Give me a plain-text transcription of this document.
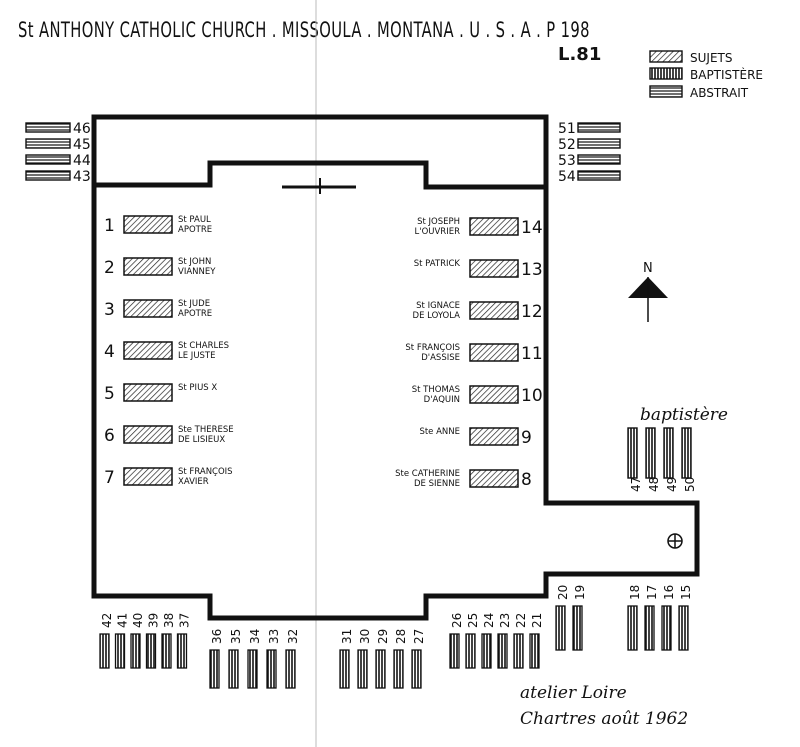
St ANTHONY CATHOLIC CHURCH . MISSOULA . MONTANA . U . S . A . P 198
L.81	SUJETS
BAPTISTÈRE
ABSTRAIT
N
baptistère
1	St PAUL
APOTRE
2	St JOHN
VIANNEY
3	St JUDE
APOTRE
4	St CHARLES
LE JUSTE
5	St PIUS X
6	Ste THERESE
DE LISIEUX
7	St FRANÇOIS
XAVIER
14
St JOSEPH
L'OUVRIER
13
St PATRICK
12
St IGNACE
DE LOYOLA
11
St FRANÇOIS
D'ASSISE
10
St THOMAS
D'AQUIN
9
Ste ANNE
8
Ste CATHERINE
DE SIENNE
46
45
44
43
51
52
53
54
47 48 49 50
42 41 40 39 38 37
36 35 34 33 32	31 30 29 28 27
26 25 24 23 22 21
20 19	18 17 16 15
atelier Loire
Chartres août 1962
